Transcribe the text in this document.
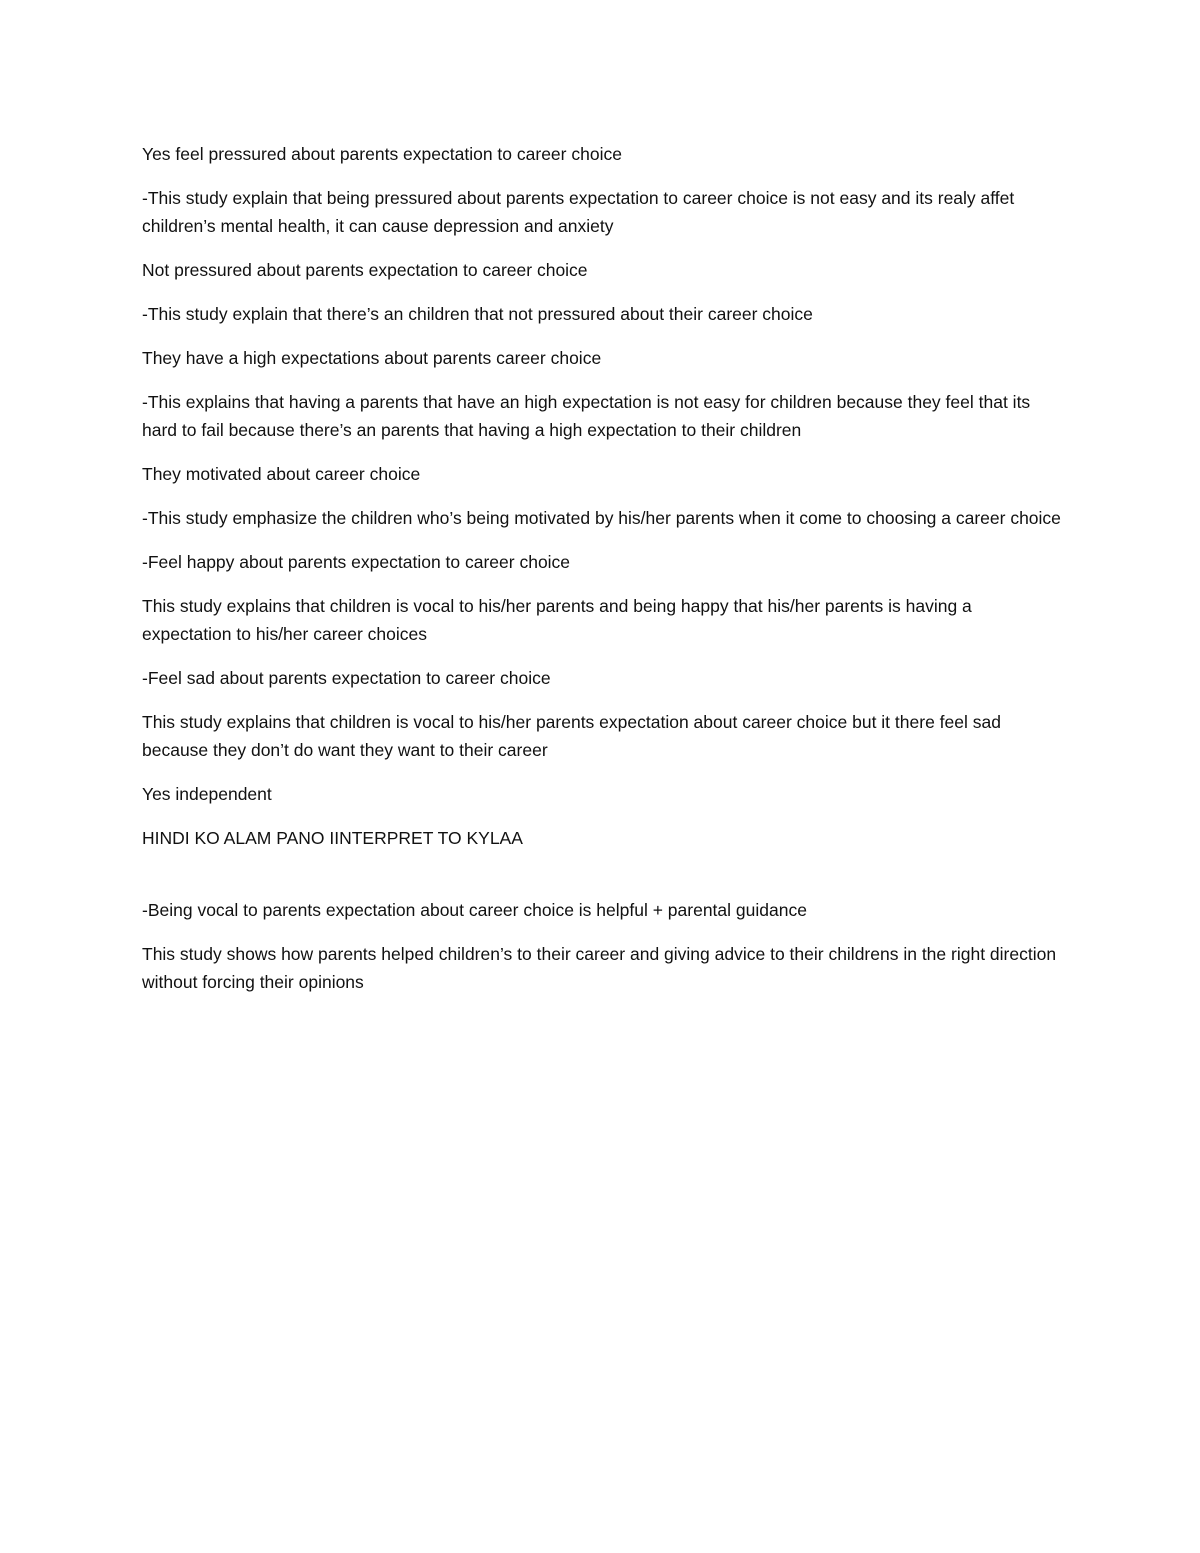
Yes feel pressured about parents expectation to career choice

-This study explain that being pressured about parents expectation to career choice is not easy and its realy affet children’s mental health, it can cause depression and anxiety

Not pressured about parents expectation to career choice

-This study explain that there’s an children that not pressured about their career choice

They have a high expectations about parents career choice

-This explains that having a parents that have an high expectation is not easy for children because they feel that its hard to fail because there’s an parents that having a high expectation to their children

They motivated about career choice

-This study emphasize the children who’s being motivated by his/her parents when it come to choosing a career choice

-Feel happy about parents expectation to career choice

This study explains that children is vocal to his/her parents and being happy that his/her parents is having a expectation to his/her career choices

-Feel sad about parents expectation to career choice

This study explains that children is vocal to his/her parents expectation about career choice but it there feel sad because they don’t do want they want to their career

Yes independent

HINDI KO ALAM PANO IINTERPRET TO KYLAA

-Being vocal to parents expectation about career choice is helpful + parental guidance

This study shows how parents helped children’s to their career and giving advice to their childrens in the right direction without forcing their opinions
